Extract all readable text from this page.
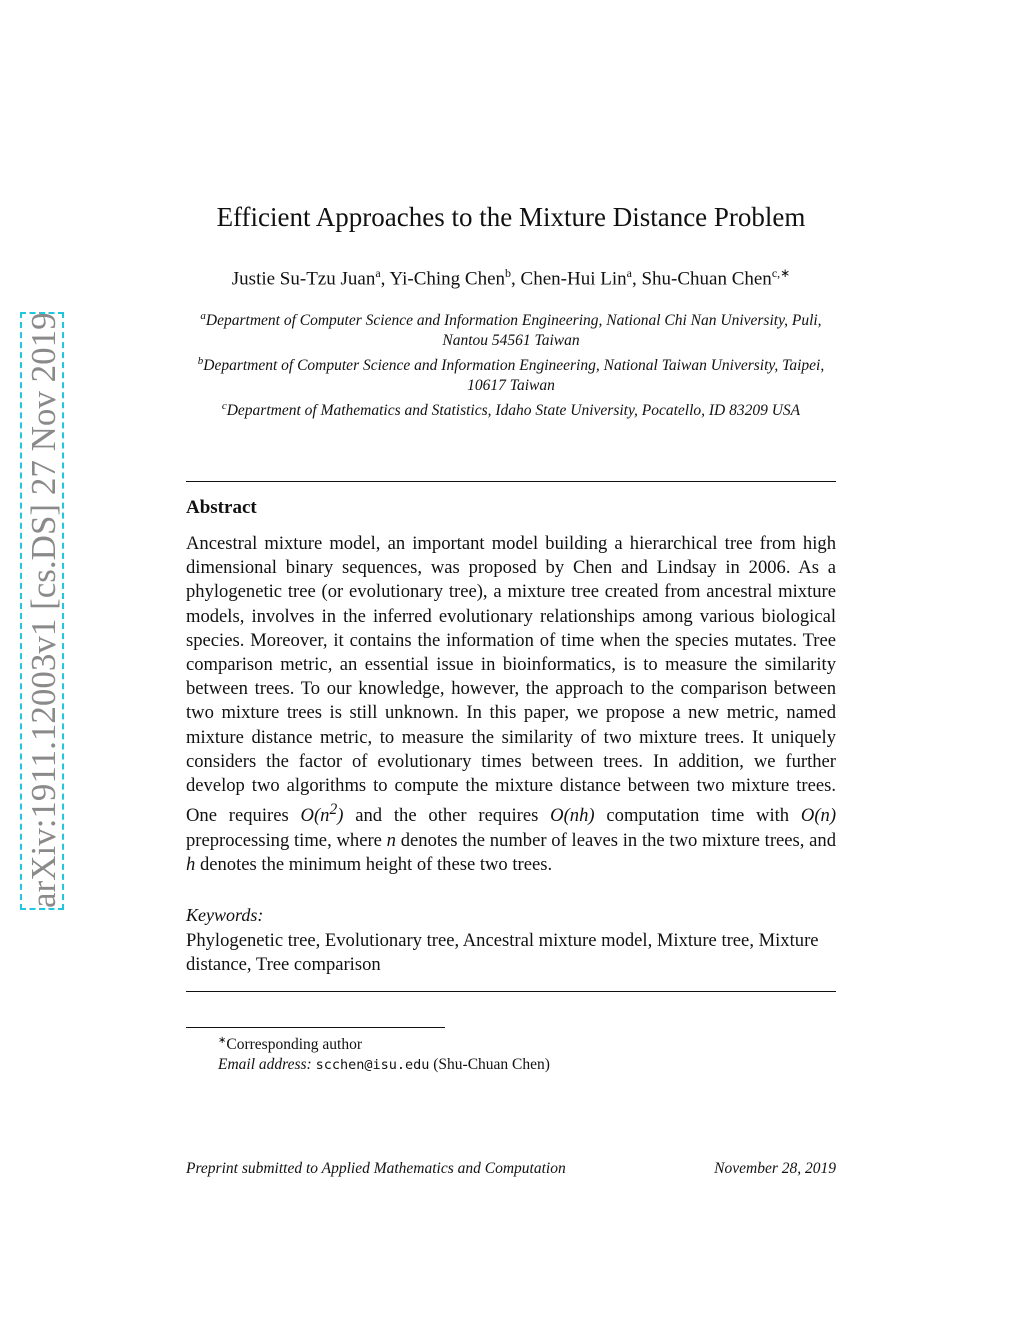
arXiv:1911.12003v1 [cs.DS] 27 Nov 2019
Efficient Approaches to the Mixture Distance Problem
Justie Su-Tzu Juan$^a$, Yi-Ching Chen$^b$, Chen-Hui Lin$^a$, Shu-Chuan Chen$^{c,∗}$
$^a$Department of Computer Science and Information Engineering, National Chi Nan University, Puli, Nantou 54561 Taiwan
$^b$Department of Computer Science and Information Engineering, National Taiwan University, Taipei, 10617 Taiwan
$^c$Department of Mathematics and Statistics, Idaho State University, Pocatello, ID 83209 USA
Abstract
Ancestral mixture model, an important model building a hierarchical tree from high dimensional binary sequences, was proposed by Chen and Lindsay in 2006. As a phylogenetic tree (or evolutionary tree), a mixture tree created from ancestral mixture models, involves in the inferred evolutionary relationships among various biological species. Moreover, it contains the information of time when the species mutates. Tree comparison metric, an essential issue in bioinformatics, is to measure the similarity between trees. To our knowledge, however, the approach to the comparison between two mixture trees is still unknown. In this paper, we propose a new metric, named mixture distance metric, to measure the similarity of two mixture trees. It uniquely considers the factor of evolutionary times between trees. In addition, we further develop two algorithms to compute the mixture distance between two mixture trees. One requires $O(n^2)$ and the other requires O(nh) computation time with O(n) preprocessing time, where n denotes the number of leaves in the two mixture trees, and h denotes the minimum height of these two trees.
Keywords:
Phylogenetic tree, Evolutionary tree, Ancestral mixture model, Mixture tree, Mixture distance, Tree comparison
∗Corresponding author
Email address: scchen@isu.edu (Shu-Chuan Chen)
Preprint submitted to Applied Mathematics and Computation	November 28, 2019
